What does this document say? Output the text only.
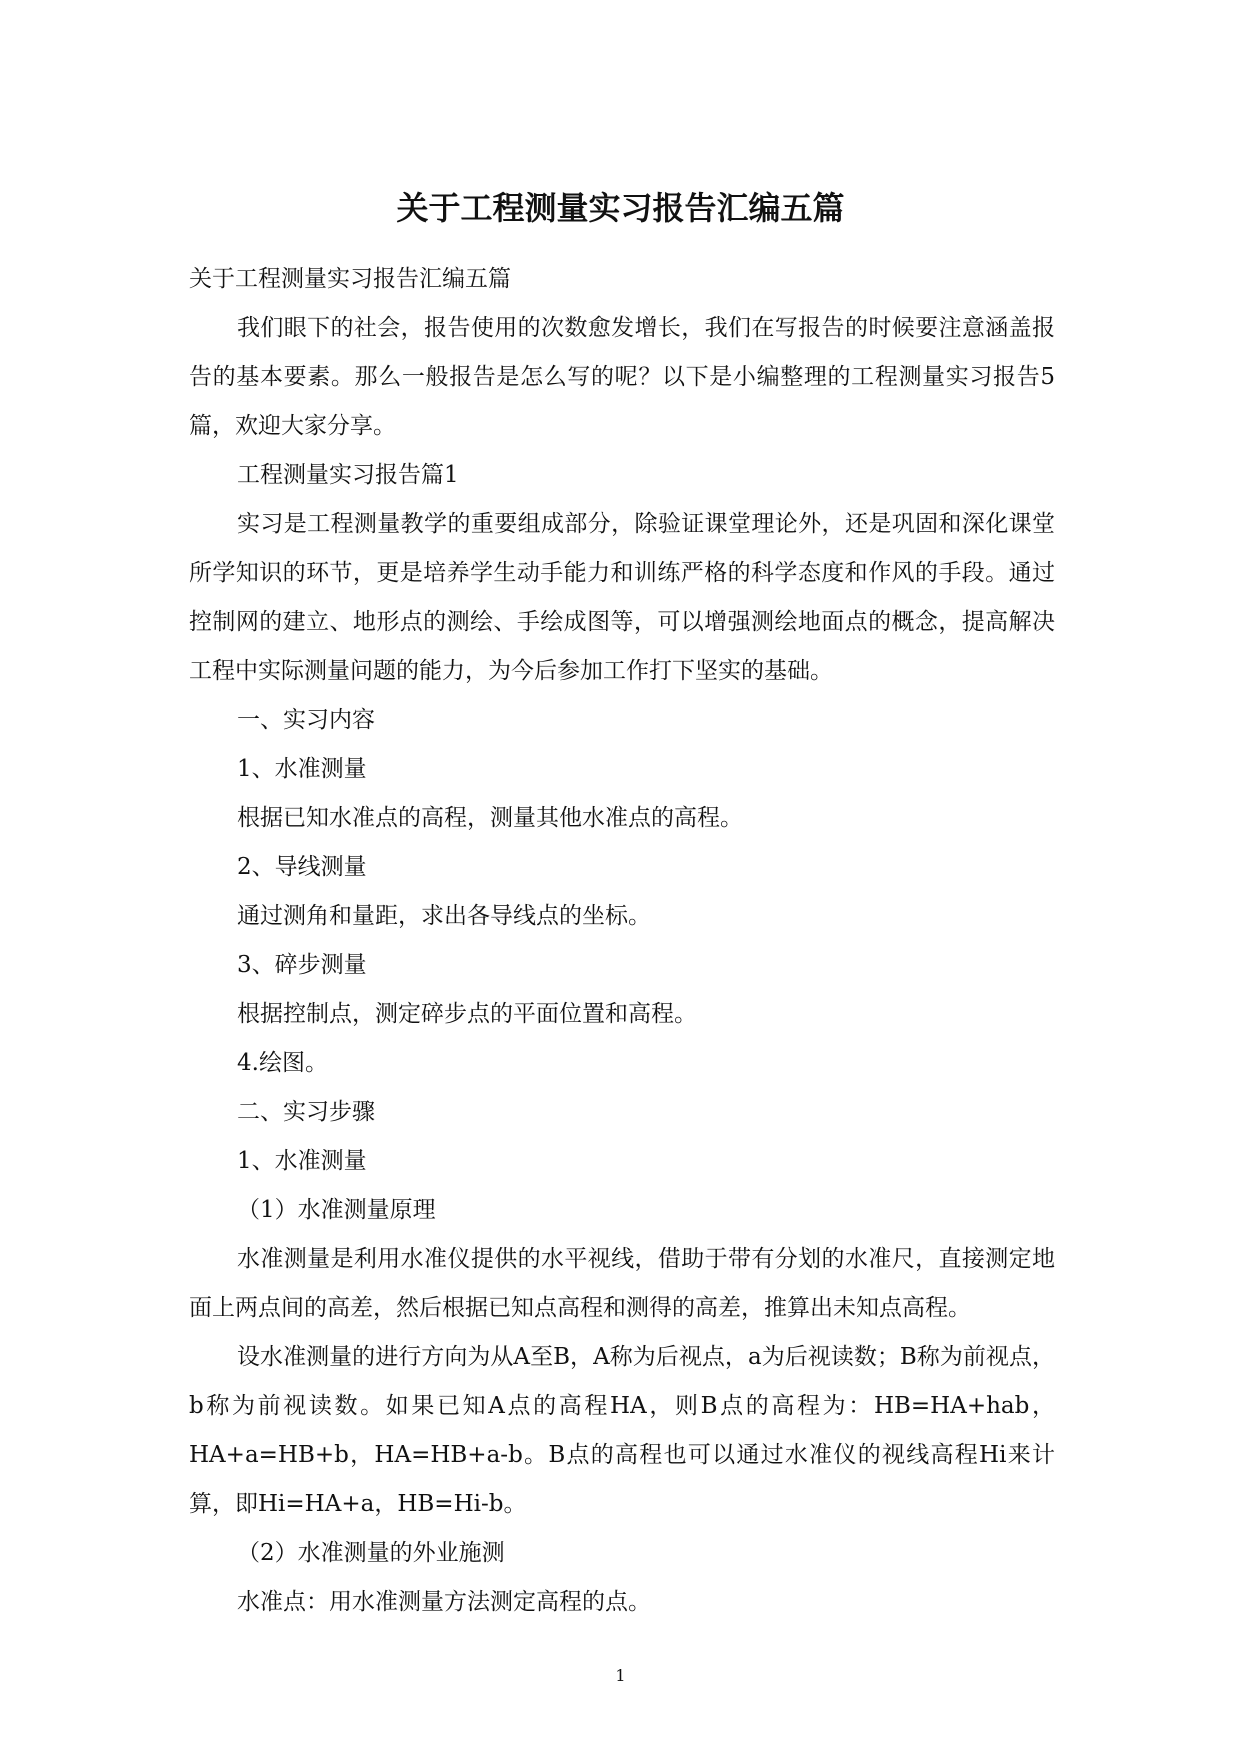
关于工程测量实习报告汇编五篇

关于工程测量实习报告汇编五篇

我们眼下的社会，报告使用的次数愈发增长，我们在写报告的时候要注意涵盖报告的基本要素。那么一般报告是怎么写的呢？以下是小编整理的工程测量实习报告5篇，欢迎大家分享。

工程测量实习报告篇1

实习是工程测量教学的重要组成部分，除验证课堂理论外，还是巩固和深化课堂所学知识的环节，更是培养学生动手能力和训练严格的科学态度和作风的手段。通过控制网的建立、地形点的测绘、手绘成图等，可以增强测绘地面点的概念，提高解决工程中实际测量问题的能力，为今后参加工作打下坚实的基础。

一、实习内容

1、水准测量

根据已知水准点的高程，测量其他水准点的高程。

2、导线测量

通过测角和量距，求出各导线点的坐标。

3、碎步测量

根据控制点，测定碎步点的平面位置和高程。

4.绘图。

二、实习步骤

1、水准测量

（1）水准测量原理

水准测量是利用水准仪提供的水平视线，借助于带有分划的水准尺，直接测定地面上两点间的高差，然后根据已知点高程和测得的高差，推算出未知点高程。

设水准测量的进行方向为从A至B，A称为后视点，a为后视读数；B称为前视点，b称为前视读数。如果已知A点的高程HA，则B点的高程为：HB=HA+hab，HA+a=HB+b，HA=HB+a-b。B点的高程也可以通过水准仪的视线高程Hi来计算，即Hi=HA+a，HB=Hi-b。

（2）水准测量的外业施测

水准点：用水准测量方法测定高程的点。

1
